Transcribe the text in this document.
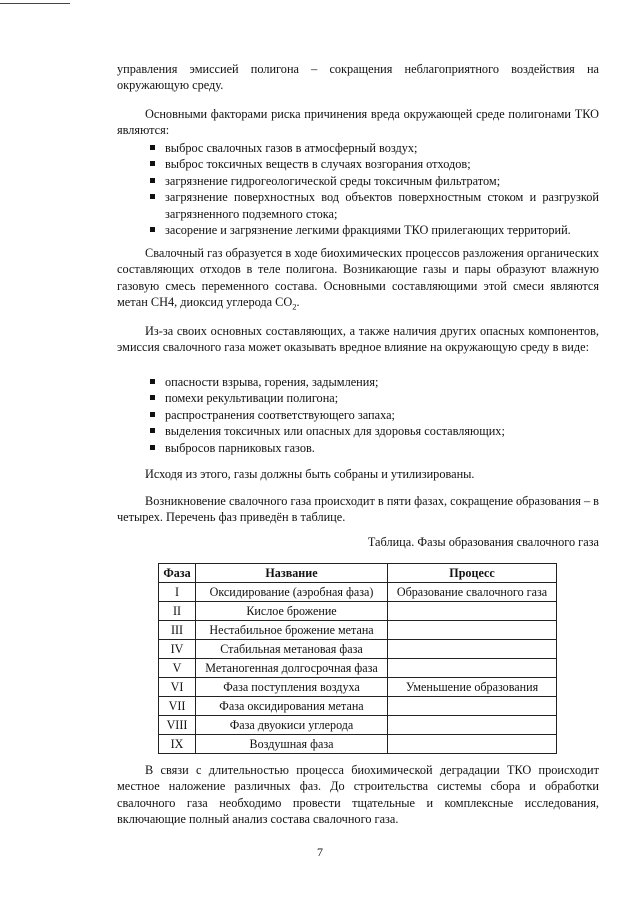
управления эмиссией полигона – сокращения неблагоприятного воздействия на окружающую среду.

Основными факторами риска причинения вреда окружающей среде полигонами ТКО являются:

выброс свалочных газов в атмосферный воздух;
выброс токсичных веществ в случаях возгорания отходов;
загрязнение гидрогеологической среды токсичным фильтратом;
загрязнение поверхностных вод объектов поверхностным стоком и разгрузкой загрязненного подземного стока;
засорение и загрязнение легкими фракциями ТКО прилегающих территорий.

Свалочный газ образуется в ходе биохимических процессов разложения органических составляющих отходов в теле полигона. Возникающие газы и пары образуют влажную газовую смесь переменного состава. Основными составляющими этой смеси являются метан CH4, диоксид углерода $CO_2$.

Из-за своих основных составляющих, а также наличия других опасных компонентов, эмиссия свалочного газа может оказывать вредное влияние на окружающую среду в виде:

опасности взрыва, горения, задымления;
помехи рекультивации полигона;
распространения соответствующего запаха;
выделения токсичных или опасных для здоровья составляющих;
выбросов парниковых газов.

Исходя из этого, газы должны быть собраны и утилизированы.

Возникновение свалочного газа происходит в пяти фазах, сокращение образования – в четырех. Перечень фаз приведён в таблице.

Таблица. Фазы образования свалочного газа
Фаза	Название	Процесс
I	Оксидирование (аэробная фаза)	Образование свалочного газа
II	Кислое брожение	
III	Нестабильное брожение метана	
IV	Стабильная метановая фаза	
V	Метаногенная долгосрочная фаза	
VI	Фаза поступления воздуха	Уменьшение образования
VII	Фаза оксидирования метана	
VIII	Фаза двуокиси углерода	
IX	Воздушная фаза	

В связи с длительностью процесса биохимической деградации ТКО происходит местное наложение различных фаз. До строительства системы сбора и обработки свалочного газа необходимо провести тщательные и комплексные исследования, включающие полный анализ состава свалочного газа.

7
